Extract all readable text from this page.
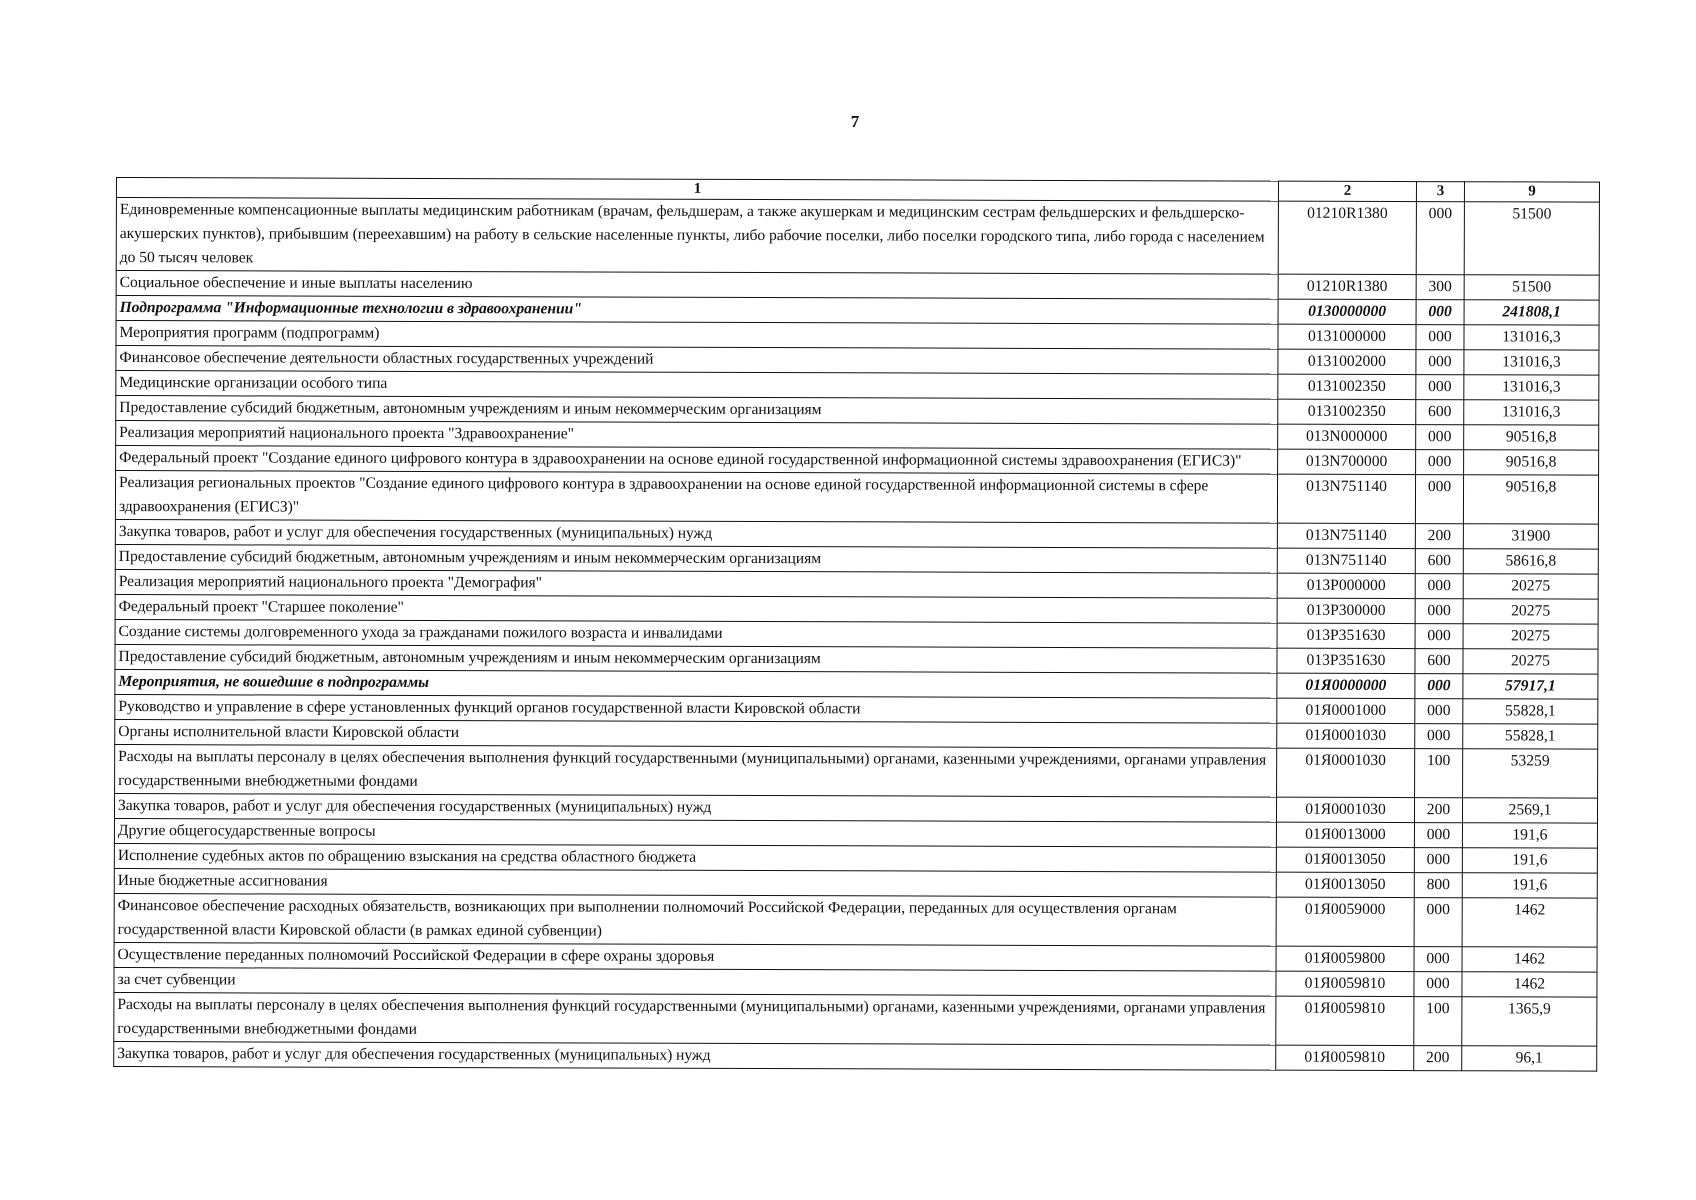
7
1	2	3	9
Единовременные компенсационные выплаты медицинским работникам (врачам, фельдшерам, а также акушеркам и медицинским сестрам фельдшерских и фельдшерско-акушерских пунктов), прибывшим (переехавшим) на работу в сельские населенные пункты, либо рабочие поселки, либо поселки городского типа, либо города с населением до 50 тысяч человек	01210R1380	000	51500
Социальное обеспечение и иные выплаты населению	01210R1380	300	51500
Подпрограмма "Информационные технологии в здравоохранении"	0130000000	000	241808,1
Мероприятия программ (подпрограмм)	0131000000	000	131016,3
Финансовое обеспечение деятельности областных государственных учреждений	0131002000	000	131016,3
Медицинские организации особого типа	0131002350	000	131016,3
Предоставление субсидий бюджетным, автономным учреждениям и иным некоммерческим организациям	0131002350	600	131016,3
Реализация мероприятий национального проекта "Здравоохранение"	013N000000	000	90516,8
Федеральный проект "Создание единого цифрового контура в здравоохранении на основе единой государственной информационной системы здравоохранения (ЕГИСЗ)"	013N700000	000	90516,8
Реализация региональных проектов "Создание единого цифрового контура в здравоохранении на основе единой государственной информационной системы в сфере здравоохранения (ЕГИСЗ)"	013N751140	000	90516,8
Закупка товаров, работ и услуг для обеспечения государственных (муниципальных) нужд	013N751140	200	31900
Предоставление субсидий бюджетным, автономным учреждениям и иным некоммерческим организациям	013N751140	600	58616,8
Реализация мероприятий национального проекта "Демография"	013P000000	000	20275
Федеральный проект "Старшее поколение"	013P300000	000	20275
Создание системы долговременного ухода за гражданами пожилого возраста и инвалидами	013P351630	000	20275
Предоставление субсидий бюджетным, автономным учреждениям и иным некоммерческим организациям	013P351630	600	20275
Мероприятия, не вошедшие в подпрограммы	01Я0000000	000	57917,1
Руководство и управление в сфере установленных функций органов государственной власти Кировской области	01Я0001000	000	55828,1
Органы исполнительной власти Кировской области	01Я0001030	000	55828,1
Расходы на выплаты персоналу в целях обеспечения выполнения функций государственными (муниципальными) органами, казенными учреждениями, органами управления государственными внебюджетными фондами	01Я0001030	100	53259
Закупка товаров, работ и услуг для обеспечения государственных (муниципальных) нужд	01Я0001030	200	2569,1
Другие общегосударственные вопросы	01Я0013000	000	191,6
Исполнение судебных актов по обращению взыскания на средства областного бюджета	01Я0013050	000	191,6
Иные бюджетные ассигнования	01Я0013050	800	191,6
Финансовое обеспечение расходных обязательств, возникающих при выполнении полномочий Российской Федерации, переданных для осуществления органам государственной власти Кировской области (в рамках единой субвенции)	01Я0059000	000	1462
Осуществление переданных полномочий Российской Федерации в сфере охраны здоровья	01Я0059800	000	1462
за счет субвенции	01Я0059810	000	1462
Расходы на выплаты персоналу в целях обеспечения выполнения функций государственными (муниципальными) органами, казенными учреждениями, органами управления государственными внебюджетными фондами	01Я0059810	100	1365,9
Закупка товаров, работ и услуг для обеспечения государственных (муниципальных) нужд	01Я0059810	200	96,1
